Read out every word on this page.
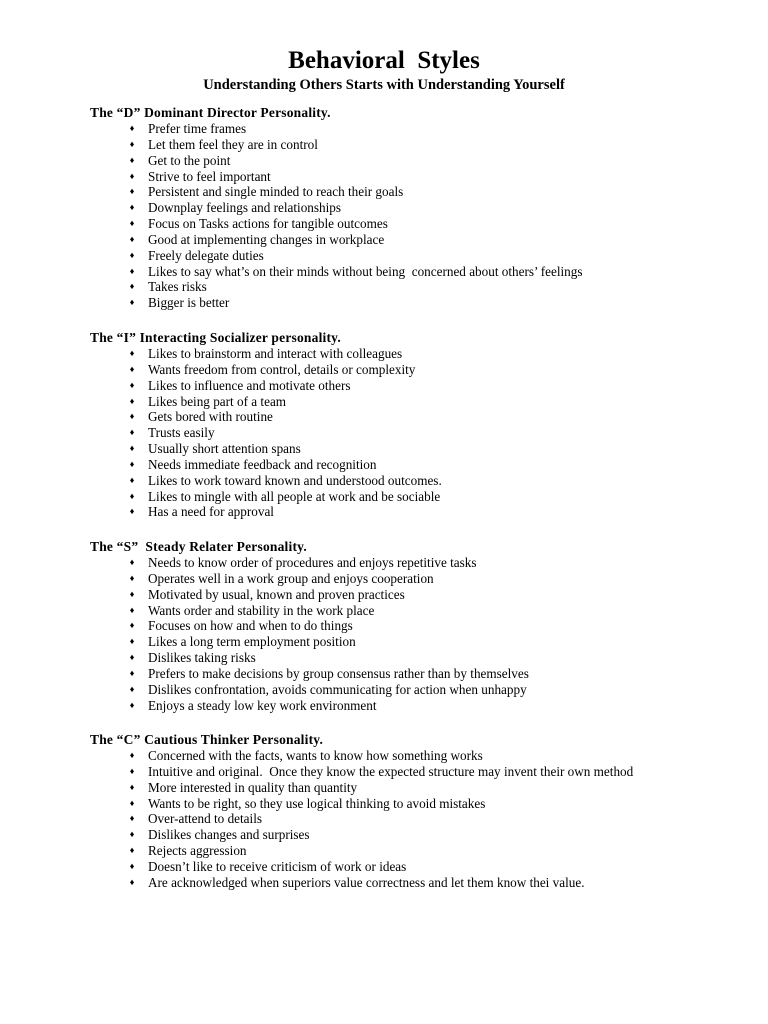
Behavioral  Styles
Understanding Others Starts with Understanding Yourself
The “D” Dominant Director Personality.
♦ Prefer time frames
♦ Let them feel they are in control
♦ Get to the point
♦ Strive to feel important
♦ Persistent and single minded to reach their goals
♦ Downplay feelings and relationships
♦ Focus on Tasks actions for tangible outcomes
♦ Good at implementing changes in workplace
♦ Freely delegate duties
♦ Likes to say what’s on their minds without being  concerned about others’ feelings
♦ Takes risks
♦ Bigger is better
The “I” Interacting Socializer personality.
♦ Likes to brainstorm and interact with colleagues
♦ Wants freedom from control, details or complexity
♦ Likes to influence and motivate others
♦ Likes being part of a team
♦ Gets bored with routine
♦ Trusts easily
♦ Usually short attention spans
♦ Needs immediate feedback and recognition
♦ Likes to work toward known and understood outcomes.
♦ Likes to mingle with all people at work and be sociable
♦ Has a need for approval
The “S”  Steady Relater Personality.
♦ Needs to know order of procedures and enjoys repetitive tasks
♦ Operates well in a work group and enjoys cooperation
♦ Motivated by usual, known and proven practices
♦ Wants order and stability in the work place
♦ Focuses on how and when to do things
♦ Likes a long term employment position
♦ Dislikes taking risks
♦ Prefers to make decisions by group consensus rather than by themselves
♦ Dislikes confrontation, avoids communicating for action when unhappy
♦ Enjoys a steady low key work environment
The “C” Cautious Thinker Personality.
♦ Concerned with the facts, wants to know how something works
♦ Intuitive and original.  Once they know the expected structure may invent their own method
♦ More interested in quality than quantity
♦ Wants to be right, so they use logical thinking to avoid mistakes
♦ Over-attend to details
♦ Dislikes changes and surprises
♦ Rejects aggression
♦ Doesn’t like to receive criticism of work or ideas
♦ Are acknowledged when superiors value correctness and let them know thei value.
